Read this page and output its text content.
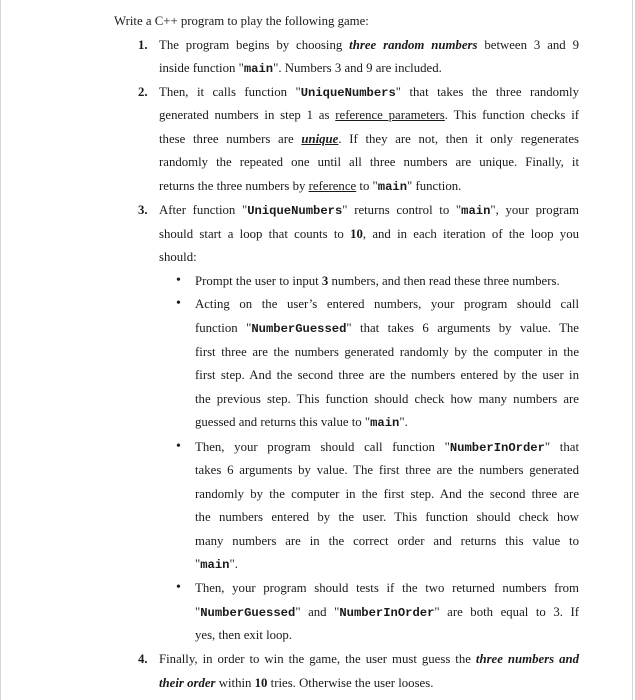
Write a C++ program to play the following game:
1. The program begins by choosing three random numbers between 3 and 9
inside function "main". Numbers 3 and 9 are included.
2. Then, it calls function "UniqueNumbers" that takes the three randomly
generated numbers in step 1 as reference parameters. This function checks if
these three numbers are unique. If they are not, then it only regenerates
randomly the repeated one until all three numbers are unique. Finally, it
returns the three numbers by reference to "main" function.
3. After function "UniqueNumbers" returns control to "main", your program
should start a loop that counts to 10, and in each iteration of the loop you
should:
• Prompt the user to input 3 numbers, and then read these three numbers.
• Acting on the user’s entered numbers, your program should call
function "NumberGuessed" that takes 6 arguments by value. The
first three are the numbers generated randomly by the computer in the
first step. And the second three are the numbers entered by the user in
the previous step. This function should check how many numbers are
guessed and returns this value to "main".
• Then, your program should call function "NumberInOrder" that
takes 6 arguments by value. The first three are the numbers generated
randomly by the computer in the first step. And the second three are
the numbers entered by the user. This function should check how
many numbers are in the correct order and returns this value to
"main".
• Then, your program should tests if the two returned numbers from
"NumberGuessed" and "NumberInOrder" are both equal to 3. If
yes, then exit loop.
4. Finally, in order to win the game, the user must guess the three numbers and
their order within 10 tries. Otherwise the user looses.
